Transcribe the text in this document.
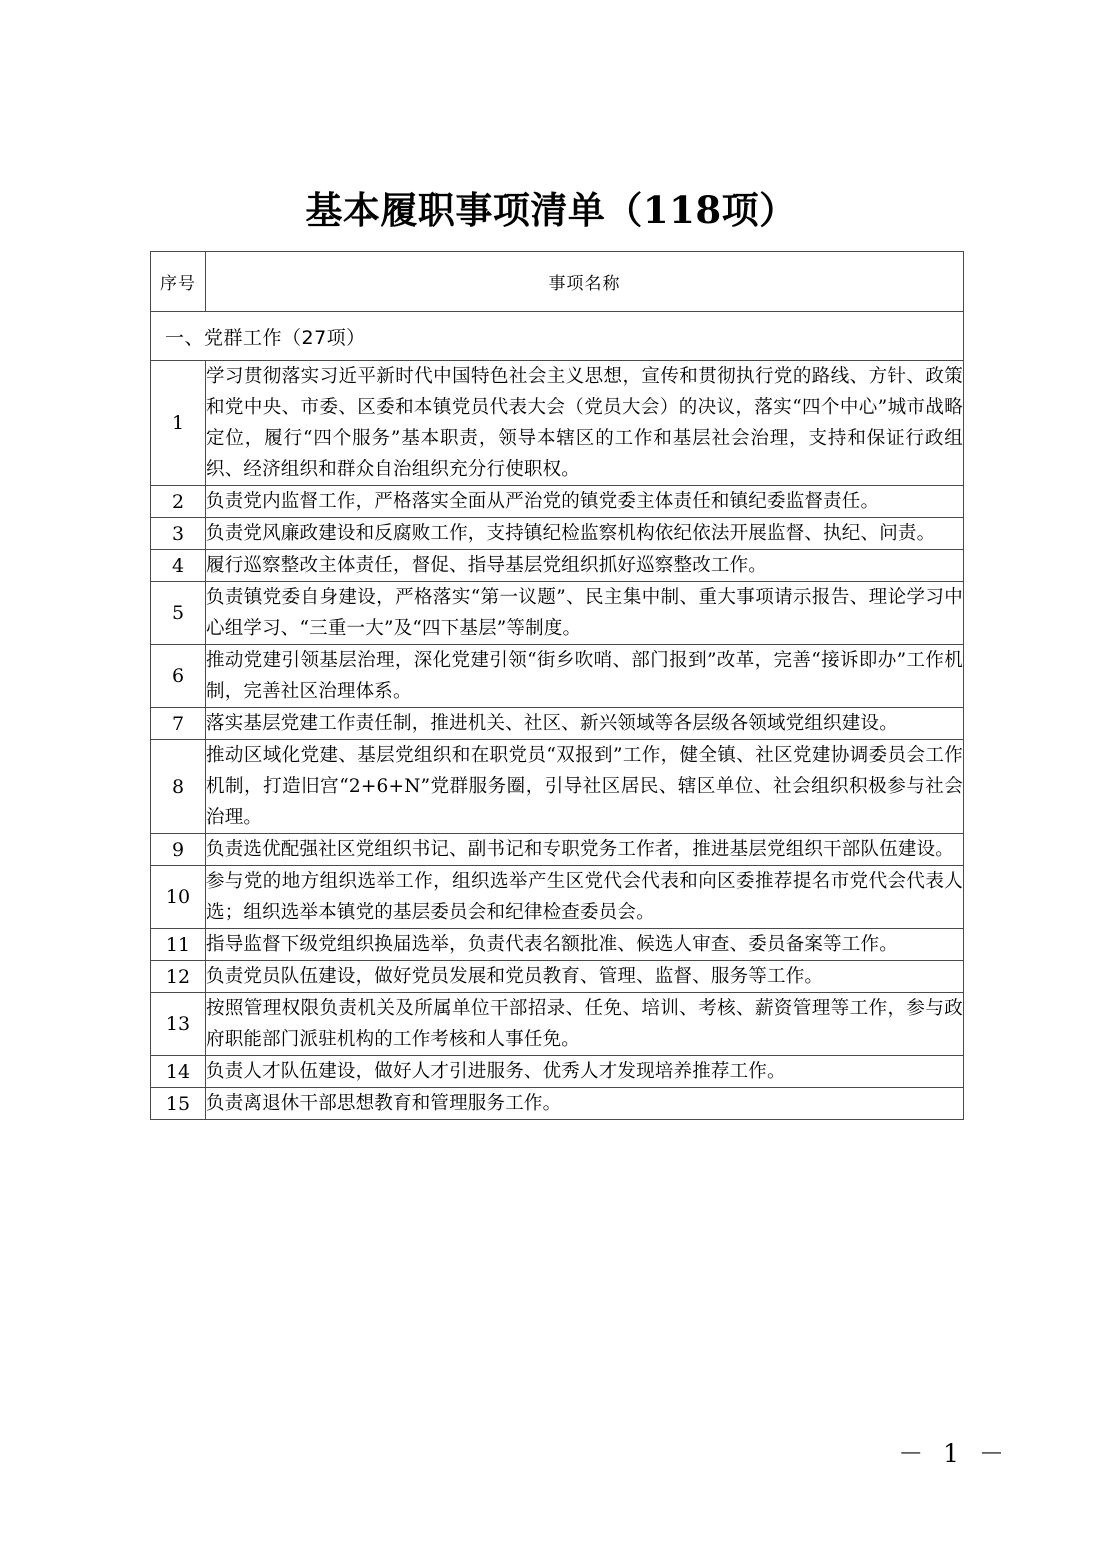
基本履职事项清单（118项）
序号	事项名称
一、党群工作（27项）	
1	学习贯彻落实习近平新时代中国特色社会主义思想，宣传和贯彻执行党的路线、方针、政策和党中央、市委、区委和本镇党员代表大会（党员大会）的决议，落实“四个中心”城市战略定位，履行“四个服务”基本职责，领导本辖区的工作和基层社会治理，支持和保证行政组织、经济组织和群众自治组织充分行使职权。
2	负责党内监督工作，严格落实全面从严治党的镇党委主体责任和镇纪委监督责任。
3	负责党风廉政建设和反腐败工作，支持镇纪检监察机构依纪依法开展监督、执纪、问责。
4	履行巡察整改主体责任，督促、指导基层党组织抓好巡察整改工作。
5	负责镇党委自身建设，严格落实“第一议题”、民主集中制、重大事项请示报告、理论学习中心组学习、“三重一大”及“四下基层”等制度。
6	推动党建引领基层治理，深化党建引领“街乡吹哨、部门报到”改革，完善“接诉即办”工作机制，完善社区治理体系。
7	落实基层党建工作责任制，推进机关、社区、新兴领域等各层级各领域党组织建设。
8	推动区域化党建、基层党组织和在职党员“双报到”工作，健全镇、社区党建协调委员会工作机制，打造旧宫“2+6+N”党群服务圈，引导社区居民、辖区单位、社会组织积极参与社会治理。
9	负责选优配强社区党组织书记、副书记和专职党务工作者，推进基层党组织干部队伍建设。
10	参与党的地方组织选举工作，组织选举产生区党代会代表和向区委推荐提名市党代会代表人选；组织选举本镇党的基层委员会和纪律检查委员会。
11	指导监督下级党组织换届选举，负责代表名额批准、候选人审查、委员备案等工作。
12	负责党员队伍建设，做好党员发展和党员教育、管理、监督、服务等工作。
13	按照管理权限负责机关及所属单位干部招录、任免、培训、考核、薪资管理等工作，参与政府职能部门派驻机构的工作考核和人事任免。
14	负责人才队伍建设，做好人才引进服务、优秀人才发现培养推荐工作。
15	负责离退休干部思想教育和管理服务工作。
－ 1 －
